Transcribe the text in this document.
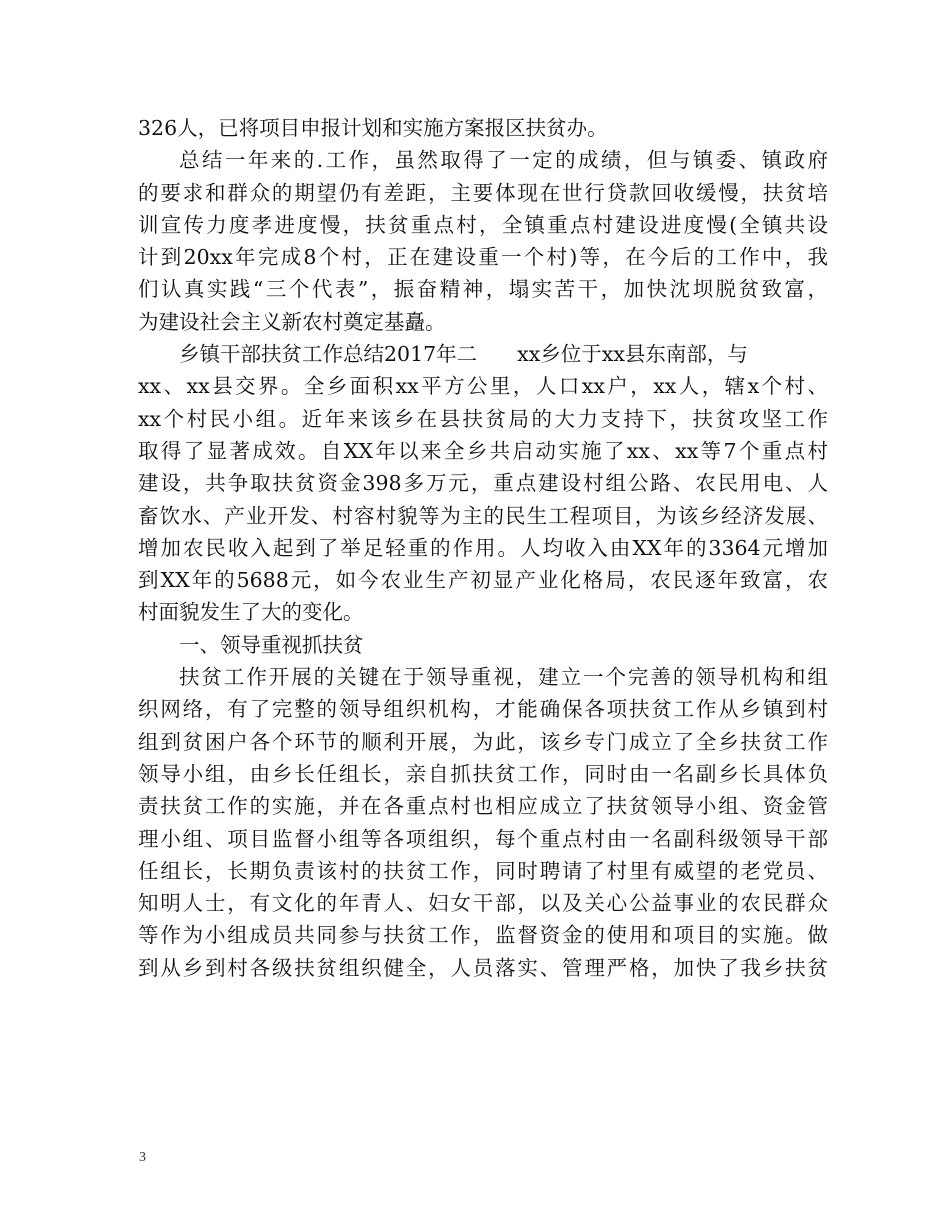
326人，已将项目申报计划和实施方案报区扶贫办。
总结一年来的.工作，虽然取得了一定的成绩，但与镇委、镇政府
的要求和群众的期望仍有差距，主要体现在世行贷款回收缓慢，扶贫培
训宣传力度孝进度慢，扶贫重点村，全镇重点村建设进度慢(全镇共设
计到20xx年完成8个村，正在建设重一个村)等，在今后的工作中，我
们认真实践“三个代表”，振奋精神，塌实苦干，加快沈坝脱贫致富，
为建设社会主义新农村奠定基矗。
乡镇干部扶贫工作总结2017年二 xx乡位于xx县东南部，与
xx、xx县交界。全乡面积xx平方公里，人口xx户，xx人，辖x个村、
xx个村民小组。近年来该乡在县扶贫局的大力支持下，扶贫攻坚工作
取得了显著成效。自XX年以来全乡共启动实施了xx、xx等7个重点村
建设，共争取扶贫资金398多万元，重点建设村组公路、农民用电、人
畜饮水、产业开发、村容村貌等为主的民生工程项目，为该乡经济发展、
增加农民收入起到了举足轻重的作用。人均收入由XX年的3364元增加
到XX年的5688元，如今农业生产初显产业化格局，农民逐年致富，农
村面貌发生了大的变化。
一、领导重视抓扶贫
扶贫工作开展的关键在于领导重视，建立一个完善的领导机构和组
织网络，有了完整的领导组织机构，才能确保各项扶贫工作从乡镇到村
组到贫困户各个环节的顺利开展，为此，该乡专门成立了全乡扶贫工作
领导小组，由乡长任组长，亲自抓扶贫工作，同时由一名副乡长具体负
责扶贫工作的实施，并在各重点村也相应成立了扶贫领导小组、资金管
理小组、项目监督小组等各项组织，每个重点村由一名副科级领导干部
任组长，长期负责该村的扶贫工作，同时聘请了村里有威望的老党员、
知明人士，有文化的年青人、妇女干部，以及关心公益事业的农民群众
等作为小组成员共同参与扶贫工作，监督资金的使用和项目的实施。做
到从乡到村各级扶贫组织健全，人员落实、管理严格，加快了我乡扶贫
3
